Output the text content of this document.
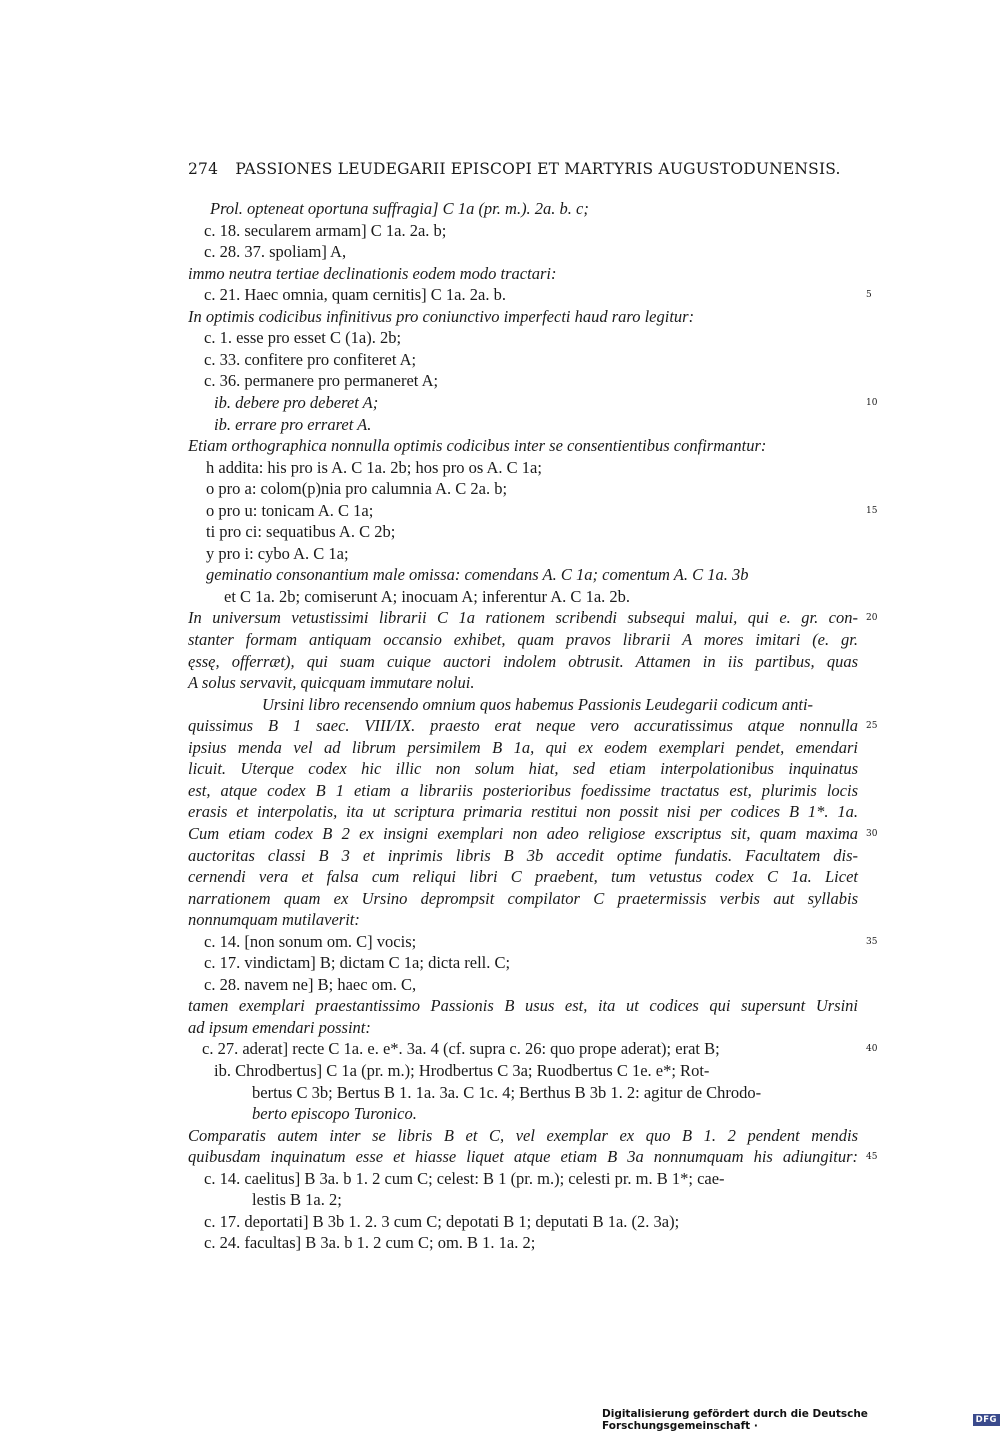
274 PASSIONES LEUDEGARII EPISCOPI ET MARTYRIS AUGUSTODUNENSIS.
Prol. opteneat oportuna suffragia] C 1a (pr. m.). 2a. b. c;
c. 18. secularem armam] C 1a. 2a. b;
c. 28. 37. spoliam] A,
immo neutra tertiae declinationis eodem modo tractari:
c. 21. Haec omnia, quam cernitis] C 1a. 2a. b.	5
In optimis codicibus infinitivus pro coniunctivo imperfecti haud raro legitur:
c. 1. esse pro esset C (1a). 2b;
c. 33. confitere pro confiteret A;
c. 36. permanere pro permaneret A;
ib. debere pro deberet A;	10
ib. errare pro erraret A.
Etiam orthographica nonnulla optimis codicibus inter se consentientibus confirmantur:
h addita: his pro is A. C 1a. 2b; hos pro os A. C 1a;
o pro a: colom(p)nia pro calumnia A. C 2a. b;
o pro u: tonicam A. C 1a;	15
ti pro ci: sequatibus A. C 2b;
y pro i: cybo A. C 1a;
geminatio consonantium male omissa: comendans A. C 1a; comentum A. C 1a. 3b
et C 1a. 2b; comiserunt A; inocuam A; inferentur A. C 1a. 2b.
In universum vetustissimi librarii C 1a rationem scribendi subsequi malui, qui e. gr. con- 20
stanter formam antiquam occansio exhibet, quam pravos librarii A mores imitari (e. gr.
ęssę, offerræt), qui suam cuique auctori indolem obtrusit. Attamen in iis partibus, quas
A solus servavit, quicquam immutare nolui.
Ursini libro recensendo omnium quos habemus Passionis Leudegarii codicum anti-
quissimus B 1 saec. VIII/IX. praesto erat neque vero accuratissimus atque nonnulla 25
ipsius menda vel ad librum persimilem B 1a, qui ex eodem exemplari pendet, emendari
licuit. Uterque codex hic illic non solum hiat, sed etiam interpolationibus inquinatus
est, atque codex B 1 etiam a librariis posterioribus foedissime tractatus est, plurimis locis
erasis et interpolatis, ita ut scriptura primaria restitui non possit nisi per codices B 1*. 1a.
Cum etiam codex B 2 ex insigni exemplari non adeo religiose exscriptus sit, quam maxima 30
auctoritas classi B 3 et inprimis libris B 3b accedit optime fundatis. Facultatem dis-
cernendi vera et falsa cum reliqui libri C praebent, tum vetustus codex C 1a. Licet
narrationem quam ex Ursino deprompsit compilator C praetermissis verbis aut syllabis
nonnumquam mutilaverit:
c. 14. [non sonum om. C] vocis;	35
c. 17. vindictam] B; dictam C 1a; dicta rell. C;
c. 28. navem ne] B; haec om. C,
tamen exemplari praestantissimo Passionis B usus est, ita ut codices qui supersunt Ursini
ad ipsum emendari possint:
c. 27. aderat] recte C 1a. e. e*. 3a. 4 (cf. supra c. 26: quo prope aderat); erat B;	40
ib. Chrodbertus] C 1a (pr. m.); Hrodbertus C 3a; Ruodbertus C 1e. e*; Rot-
bertus C 3b; Bertus B 1. 1a. 3a. C 1c. 4; Berthus B 3b 1. 2: agitur de Chrodo-
berto episcopo Turonico.
Comparatis autem inter se libris B et C, vel exemplar ex quo B 1. 2 pendent mendis
quibusdam inquinatum esse et hiasse liquet atque etiam B 3a nonnumquam his adiungitur: 45
c. 14. caelitus] B 3a. b 1. 2 cum C; celest: B 1 (pr. m.); celesti pr. m. B 1*; cae-
lestis B 1a. 2;
c. 17. deportati] B 3b 1. 2. 3 cum C; depotati B 1; deputati B 1a. (2. 3a);
c. 24. facultas] B 3a. b 1. 2 cum C; om. B 1. 1a. 2;
Digitalisierung gefördert durch die Deutsche Forschungsgemeinschaft ·	DFG
